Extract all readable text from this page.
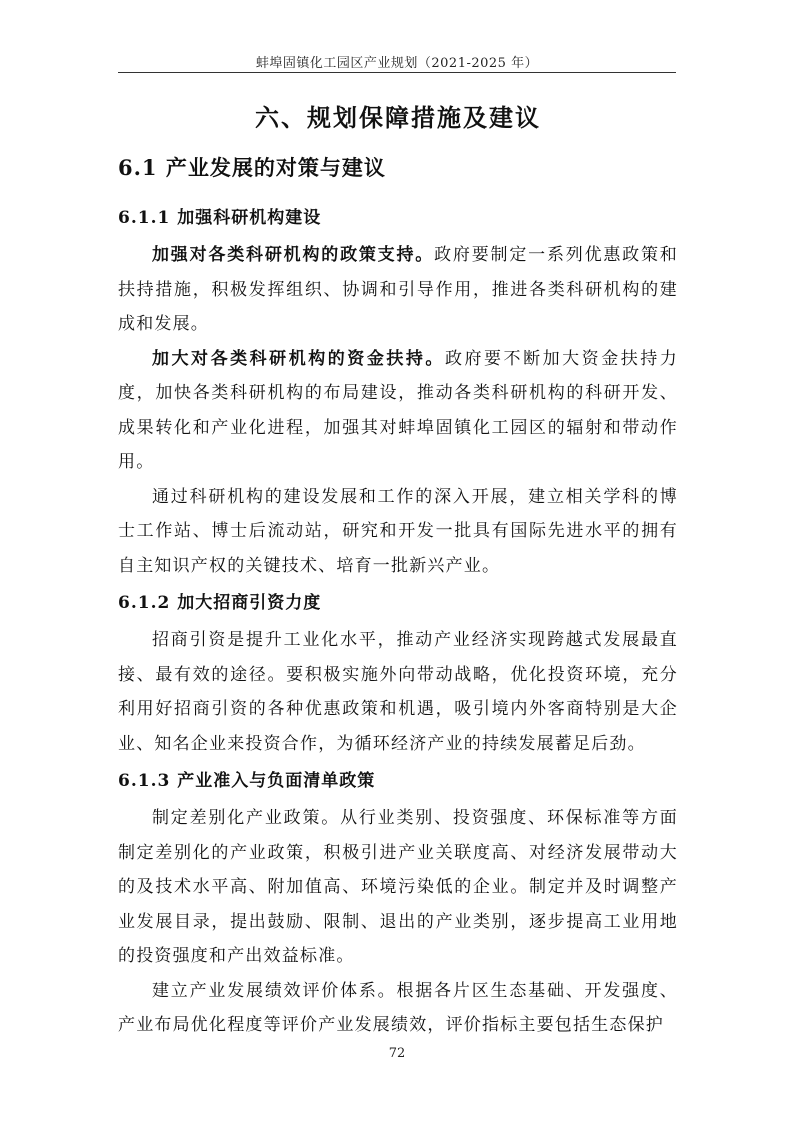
蚌埠固镇化工园区产业规划（2021-2025 年）
六、规划保障措施及建议
6.1 产业发展的对策与建议
6.1.1 加强科研机构建设

加强对各类科研机构的政策支持。政府要制定一系列优惠政策和扶持措施，积极发挥组织、协调和引导作用，推进各类科研机构的建成和发展。

加大对各类科研机构的资金扶持。政府要不断加大资金扶持力度，加快各类科研机构的布局建设，推动各类科研机构的科研开发、成果转化和产业化进程，加强其对蚌埠固镇化工园区的辐射和带动作用。

通过科研机构的建设发展和工作的深入开展，建立相关学科的博士工作站、博士后流动站，研究和开发一批具有国际先进水平的拥有自主知识产权的关键技术、培育一批新兴产业。

6.1.2 加大招商引资力度

招商引资是提升工业化水平，推动产业经济实现跨越式发展最直接、最有效的途径。要积极实施外向带动战略，优化投资环境，充分利用好招商引资的各种优惠政策和机遇，吸引境内外客商特别是大企业、知名企业来投资合作，为循环经济产业的持续发展蓄足后劲。

6.1.3 产业准入与负面清单政策

制定差别化产业政策。从行业类别、投资强度、环保标准等方面制定差别化的产业政策，积极引进产业关联度高、对经济发展带动大的及技术水平高、附加值高、环境污染低的企业。制定并及时调整产业发展目录，提出鼓励、限制、退出的产业类别，逐步提高工业用地的投资强度和产出效益标准。

建立产业发展绩效评价体系。根据各片区生态基础、开发强度、产业布局优化程度等评价产业发展绩效，评价指标主要包括生态保护

72
